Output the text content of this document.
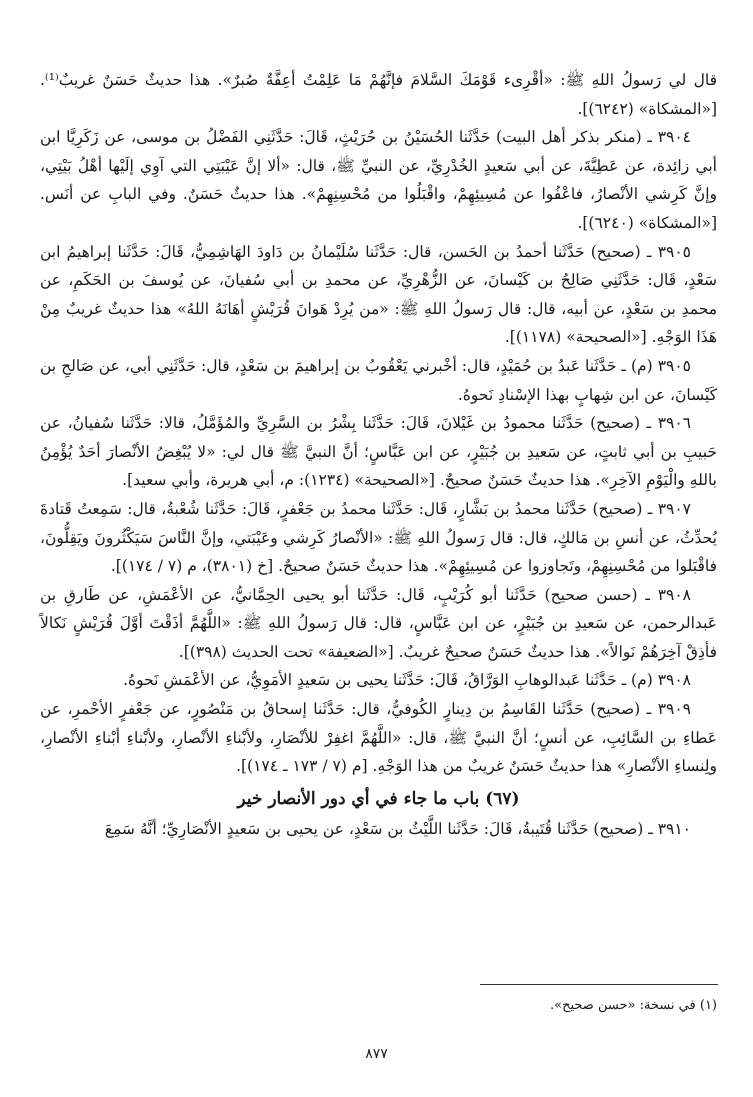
قال لي رَسولُ اللهِ ﷺ: «أقْرِىء قَوْمَكَ السَّلامَ فإنَّهُمْ مَا عَلِمْتُ أعِفَّةٌ صُبرٌ». هذا حديثٌ حَسَنٌ غريبٌ⁽¹⁾. [«المشكاة» (٦٢٤٢)].

٣٩٠٤ ـ (منكر بذكر أهل البيت) حَدَّثَنا الحُسَيْنُ بن حُرَيْثٍ، قَالَ: حَدَّثَنِي الفَضْلُ بن موسى، عن زَكَرِيَّا ابن أبي زائِدة، عن عَطِيَّةَ، عن أبي سَعيدٍ الخُدْرِيِّ، عن النبيِّ ﷺ، قال: «ألا إنَّ عَيْبَتِي التي آوِي إلَيْها أهْلُ بَيْتِي، وإنَّ كَرِشي الأنْصارُ، فاعْفُوا عن مُسِيئِهِمْ، واقْبَلُوا من مُحْسِنِهِمْ». هذا حديثٌ حَسَنٌ. وفي البابِ عن أنَس. [«المشكاة» (٦٢٤٠)].

٣٩٠٥ ـ (صحيح) حَدَّثَنا أحمدُ بن الحَسن، قال: حَدَّثَنا سُلَيْمانُ بن دَاودَ الهَاشِمِيُّ، قَالَ: حَدَّثَنا إبراهيمُ ابن سَعْدٍ، قَال: حَدَّثَنِي صَالِحُ بن كَيْسانَ، عن الزُّهْرِيِّ، عن محمدِ بن أبي سُفيانَ، عن يُوسفَ بن الحَكَمِ، عن محمدِ بن سَعْدٍ، عن أبيه، قال: قال رَسولُ اللهِ ﷺ: «من يُرِدْ هَوانَ قُرَيْشٍ أهَانَهُ اللهُ» هذا حديثٌ غريبٌ مِنْ هَذَا الوَجْهِ. [«الصحيحة» (١١٧٨)].

٣٩٠٥ (م) ـ حَدَّثَنا عَبدُ بن حُمَيْدٍ، قال: أخْبرني يَعْقُوبُ بن إبراهيمَ بن سَعْدٍ، قال: حَدَّثَنِي أبي، عن صَالحِ بن كَيْسانَ، عن ابن شِهابٍ بهذا الإسْنادِ نَحوهُ.

٣٩٠٦ ـ (صحيح) حَدَّثَنا محمودُ بن غَيْلانَ، قَالَ: حَدَّثَنا بِشْرُ بن السَّرِيِّ والمُؤَمَّلُ، قالا: حَدَّثَنا سُفيانُ، عن حَبيبِ بن أبي ثابتٍ، عن سَعيدِ بن جُبَيْرٍ، عن ابن عَبَّاسٍ؛ أنَّ النبيَّ ﷺ قال لي: «لا يُبْغِضُ الأنْصارَ أحَدٌ يُؤْمِنُ باللهِ والْيَوْمِ الآخِرِ». هذا حديثٌ حَسَنٌ صحيحٌ. [«الصحيحة» (١٢٣٤): م، أبي هريرة، وأبي سعيد].

٣٩٠٧ ـ (صحيح) حَدَّثَنا محمدُ بن بَشَّارٍ، قَال: حَدَّثَنا محمدُ بن جَعْفرٍ، قَالَ: حَدَّثَنا شُعْبةُ، قال: سَمِعتُ قَتادةَ يُحدِّثُ، عن أنسِ بن مَالكٍ، قال: قال رَسولُ اللهِ ﷺ: «الأنْصارُ كَرِشي وعَيْبَتي، وإنَّ النَّاسَ سَيَكْثُرونَ ويَقِلُّونَ، فاقْبَلوا من مُحْسِنِهِمْ، وتَجاوزوا عن مُسِيئِهِمْ». هذا حديثٌ حَسَنٌ صحيحٌ. [خ (٣٨٠١)، م (٧ / ١٧٤)].

٣٩٠٨ ـ (حسن صحيح) حَدَّثَنا أبو كُرَيْبٍ، قَال: حَدَّثَنا أبو يحيى الحِمَّانيُّ، عن الأعْمَشِ، عن طَارقِ بن عَبدالرحمن، عن سَعيدِ بن جُبَيْرٍ، عن ابن عَبَّاسٍ، قال: قال رَسولُ اللهِ ﷺ: «اللَّهُمَّ أذَقْتَ أوَّلَ قُرَيْشٍ نَكالاً فأذِقْ آخِرَهُمْ نَوالاً». هذا حديثٌ حَسَنٌ صحيحٌ غريبٌ. [«الضعيفة» تحت الحديث (٣٩٨)].

٣٩٠٨ (م) ـ حَدَّثَنا عَبدالوهابِ الوَرَّاقُ، قَالَ: حَدَّثَنا يحيى بن سَعيدٍ الأمَوِيُّ، عن الأعْمَشِ نَحوهُ.

٣٩٠٩ ـ (صحيح) حَدَّثَنا القَاسِمُ بن دِينارٍ الكُوفيُّ، قال: حَدَّثَنا إسحاقُ بن مَنْصُورٍ، عن جَعْفرٍ الأحْمرِ، عن عَطاءِ بن السَّائِبِ، عن أنسٍ؛ أنَّ النبيَّ ﷺ، قال: «اللَّهُمَّ اغفِرْ للأنْصَارِ، ولأبْناءِ الأنْصارِ، ولأبْناءِ أبْناءِ الأنْصارِ، ولِنساءِ الأنْصارِ» هذا حديثٌ حَسَنٌ غريبٌ من هذا الوَجْهِ. [م (٧ / ١٧٣ ـ ١٧٤)].

(٦٧) باب ما جاء في أي دور الأنصار خير

٣٩١٠ ـ (صحيح) حَدَّثَنا قُتَيبةُ، قَالَ: حَدَّثَنا اللَّيْثُ بن سَعْدٍ، عن يحيى بن سَعيدٍ الأنْصَارِيِّ؛ أنَّهُ سَمِعَ

(١) في نسخة: «حسن صحيح».
٨٧٧
